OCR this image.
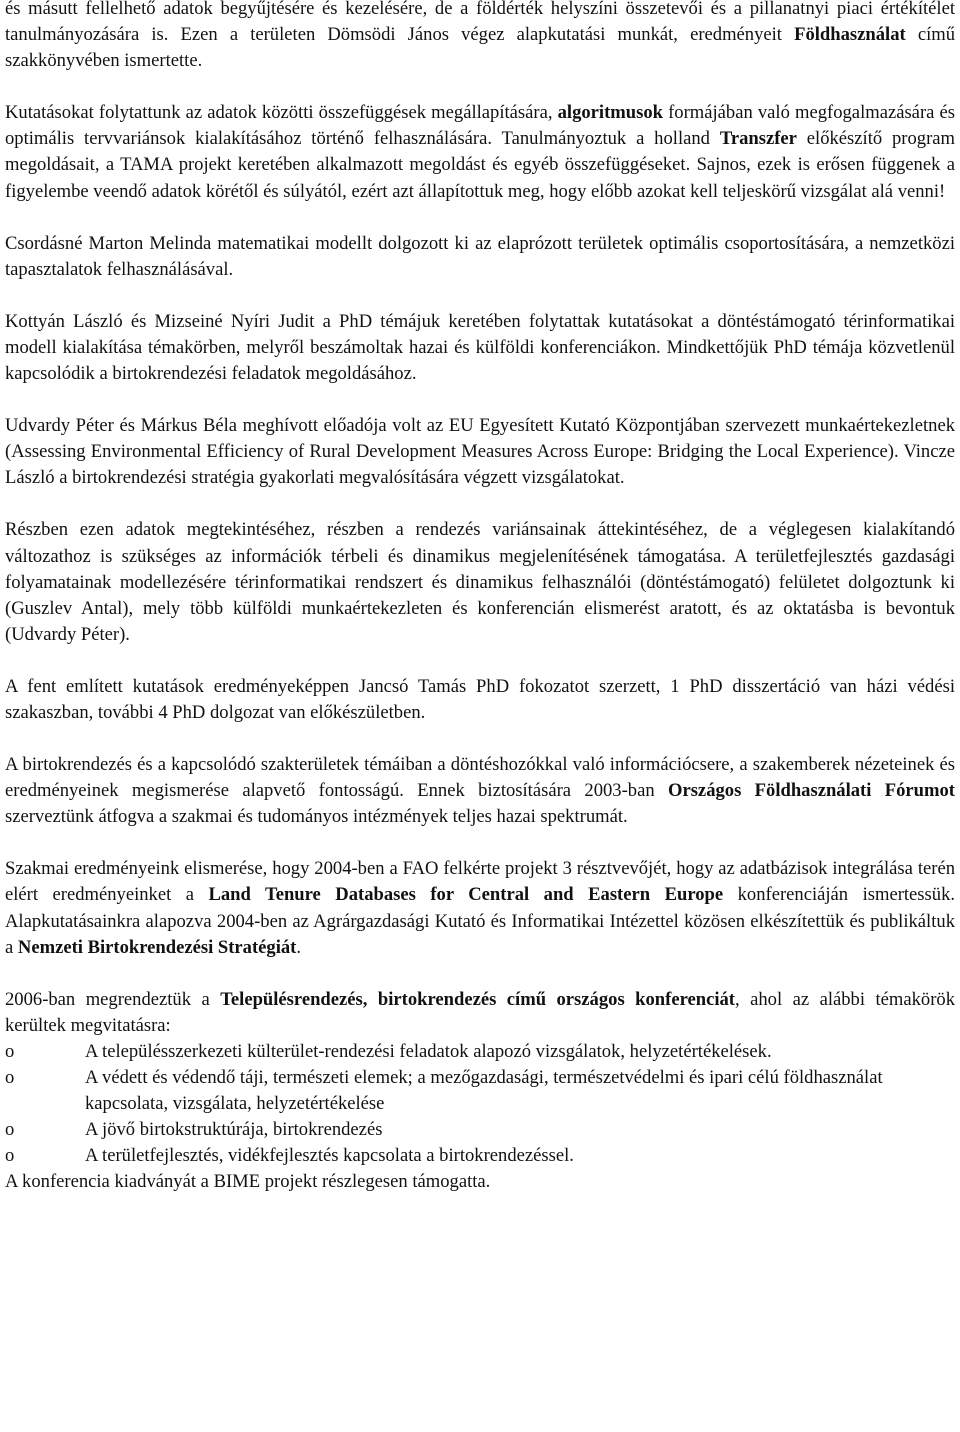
és másutt fellelhető adatok begyűjtésére és kezelésére, de a földérték helyszíni összetevői és a pillanatnyi piaci értékítélet tanulmányozására is. Ezen a területen Dömsödi János végez alapkutatási munkát, eredményeit Földhasználat című szakkönyvében ismertette.

Kutatásokat folytattunk az adatok közötti összefüggések megállapítására, algoritmusok formájában való megfogalmazására és optimális tervvariánsok kialakításához történő felhasználására. Tanulmányoztuk a holland Transzfer előkészítő program megoldásait, a TAMA projekt keretében alkalmazott megoldást és egyéb összefüggéseket. Sajnos, ezek is erősen függenek a figyelembe veendő adatok körétől és súlyától, ezért azt állapítottuk meg, hogy előbb azokat kell teljeskörű vizsgálat alá venni!

Csordásné Marton Melinda matematikai modellt dolgozott ki az elaprózott területek optimális csoportosítására, a nemzetközi tapasztalatok felhasználásával.

Kottyán László és Mizseiné Nyíri Judit a PhD témájuk keretében folytattak kutatásokat a döntéstámogató térinformatikai modell kialakítása témakörben, melyről beszámoltak hazai és külföldi konferenciákon. Mindkettőjük PhD témája közvetlenül kapcsolódik a birtokrendezési feladatok megoldásához.

Udvardy Péter és Márkus Béla meghívott előadója volt az EU Egyesített Kutató Központjában szervezett munkaértekezletnek (Assessing Environmental Efficiency of Rural Development Measures Across Europe: Bridging the Local Experience). Vincze László a birtokrendezési stratégia gyakorlati megvalósítására végzett vizsgálatokat.

Részben ezen adatok megtekintéséhez, részben a rendezés variánsainak áttekintéséhez, de a véglegesen kialakítandó változathoz is szükséges az információk térbeli és dinamikus megjelenítésének támogatása. A területfejlesztés gazdasági folyamatainak modellezésére térinformatikai rendszert és dinamikus felhasználói (döntéstámogató) felületet dolgoztunk ki (Guszlev Antal), mely több külföldi munkaértekezleten és konferencián elismerést aratott, és az oktatásba is bevontuk (Udvardy Péter).

A fent említett kutatások eredményeképpen Jancsó Tamás PhD fokozatot szerzett, 1 PhD disszertáció van házi védési szakaszban, további 4 PhD dolgozat van előkészületben.

A birtokrendezés és a kapcsolódó szakterületek témáiban a döntéshozókkal való információcsere, a szakemberek nézeteinek és eredményeinek megismerése alapvető fontosságú. Ennek biztosítására 2003-ban Országos Földhasználati Fórumot szerveztünk átfogva a szakmai és tudományos intézmények teljes hazai spektrumát.

Szakmai eredményeink elismerése, hogy 2004-ben a FAO felkérte projekt 3 résztvevőjét, hogy az adatbázisok integrálása terén elért eredményeinket a Land Tenure Databases for Central and Eastern Europe konferenciáján ismertessük. Alapkutatásainkra alapozva 2004-ben az Agrárgazdasági Kutató és Informatikai Intézettel közösen elkészítettük és publikáltuk a Nemzeti Birtokrendezési Stratégiát.

2006-ban megrendeztük a Településrendezés, birtokrendezés című országos konferenciát, ahol az alábbi témakörök kerültek megvitatásra:

o	A településszerkezeti külterület-rendezési feladatok alapozó vizsgálatok, helyzetértékelések.
o	A védett és védendő táji, természeti elemek; a mezőgazdasági, természetvédelmi és ipari célú földhasználat kapcsolata, vizsgálata, helyzetértékelése
o	A jövő birtokstruktúrája, birtokrendezés
o	A területfejlesztés, vidékfejlesztés kapcsolata a birtokrendezéssel.

A konferencia kiadványát a BIME projekt részlegesen támogatta.
